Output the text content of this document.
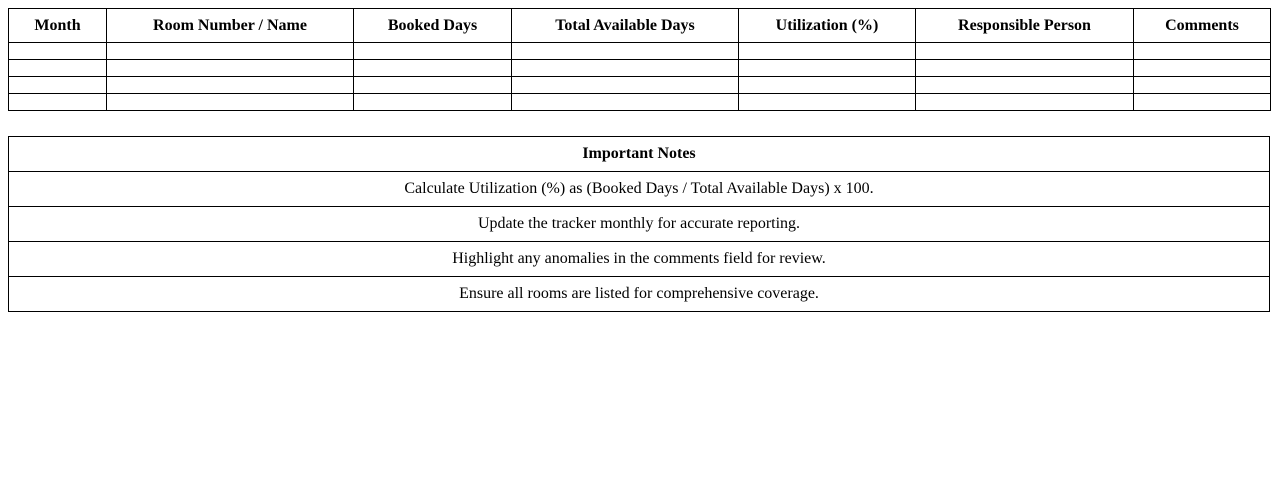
Month	Room Number / Name	Booked Days	Total Available Days	Utilization (%)	Responsible Person	Comments

Important Notes
Calculate Utilization (%) as (Booked Days / Total Available Days) x 100.
Update the tracker monthly for accurate reporting.
Highlight any anomalies in the comments field for review.
Ensure all rooms are listed for comprehensive coverage.
